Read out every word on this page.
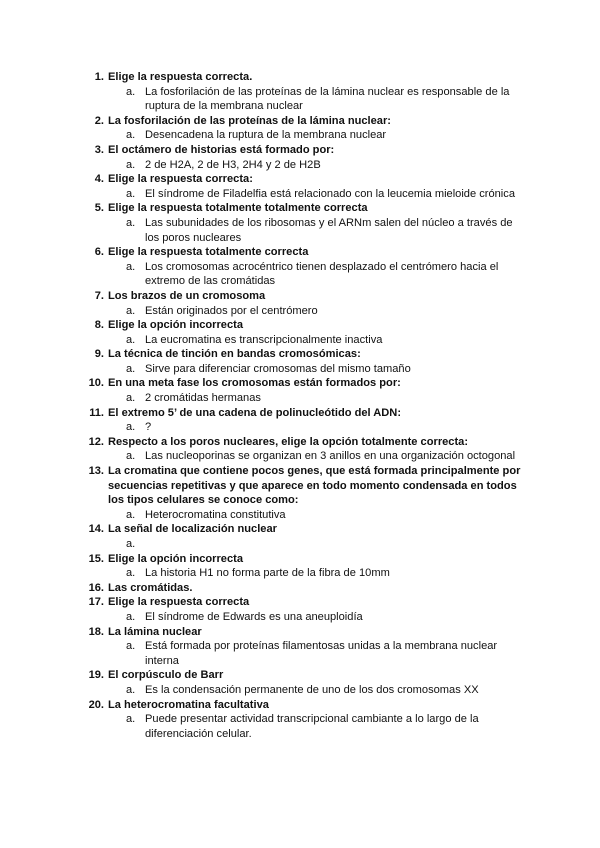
1. Elige la respuesta correcta.
a. La fosforilación de las proteínas de la lámina nuclear es responsable de la ruptura de la membrana nuclear
2. La fosforilación de las proteínas de la lámina nuclear:
a. Desencadena la ruptura de la membrana nuclear
3. El octámero de historias está formado por:
a. 2 de H2A, 2 de H3, 2H4 y 2 de H2B
4. Elige la respuesta correcta:
a. El síndrome de Filadelfia está relacionado con la leucemia mieloide crónica
5. Elige la respuesta totalmente totalmente correcta
a. Las subunidades de los ribosomas y el ARNm salen del núcleo a través de los poros nucleares
6. Elige la respuesta totalmente correcta
a. Los cromosomas acrocéntrico tienen desplazado el centrómero hacia el extremo de las cromátidas
7. Los brazos de un cromosoma
a. Están originados por el centrómero
8. Elige la opción incorrecta
a. La eucromatina es transcripcionalmente inactiva
9. La técnica de tinción en bandas cromosómicas:
a. Sirve para diferenciar cromosomas del mismo tamaño
10. En una meta fase los cromosomas están formados por:
a. 2 cromátidas hermanas
11. El extremo 5’ de una cadena de polinucleótido del ADN:
a. ?
12. Respecto a los poros nucleares, elige la opción totalmente correcta:
a. Las nucleoporinas se organizan en 3 anillos en una organización octogonal
13. La cromatina que contiene pocos genes, que está formada principalmente por secuencias repetitivas y que aparece en todo momento condensada en todos los tipos celulares se conoce como:
a. Heterocromatina constitutiva
14. La señal de localización nuclear
a.

15. Elige la opción incorrecta
a. La historia H1 no forma parte de la fibra de 10mm
16. Las cromátidas.
17. Elige la respuesta correcta
a. El síndrome de Edwards es una aneuploidía
18. La lámina nuclear
a. Está formada por proteínas filamentosas unidas a la membrana nuclear interna
19. El corpúsculo de Barr
a. Es la condensación permanente de uno de los dos cromosomas XX
20. La heterocromatina facultativa
a. Puede presentar actividad transcripcional cambiante a lo largo de la diferenciación celular.
